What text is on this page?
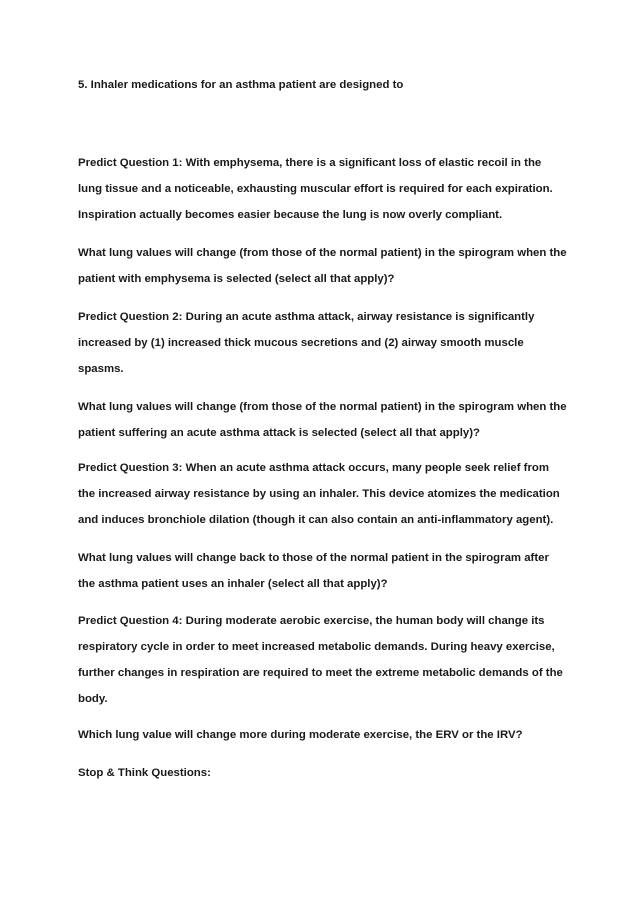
5. Inhaler medications for an asthma patient are designed to

Predict Question 1: With emphysema, there is a significant loss of elastic recoil in the
lung tissue and a noticeable, exhausting muscular effort is required for each expiration.
Inspiration actually becomes easier because the lung is now overly compliant.

What lung values will change (from those of the normal patient) in the spirogram when the
patient with emphysema is selected (select all that apply)?

Predict Question 2: During an acute asthma attack, airway resistance is significantly
increased by (1) increased thick mucous secretions and (2) airway smooth muscle
spasms.

What lung values will change (from those of the normal patient) in the spirogram when the
patient suffering an acute asthma attack is selected (select all that apply)?

Predict Question 3: When an acute asthma attack occurs, many people seek relief from
the increased airway resistance by using an inhaler. This device atomizes the medication
and induces bronchiole dilation (though it can also contain an anti-inflammatory agent).

What lung values will change back to those of the normal patient in the spirogram after
the asthma patient uses an inhaler (select all that apply)?

Predict Question 4: During moderate aerobic exercise, the human body will change its
respiratory cycle in order to meet increased metabolic demands. During heavy exercise,
further changes in respiration are required to meet the extreme metabolic demands of the
body.

Which lung value will change more during moderate exercise, the ERV or the IRV?

Stop & Think Questions:
